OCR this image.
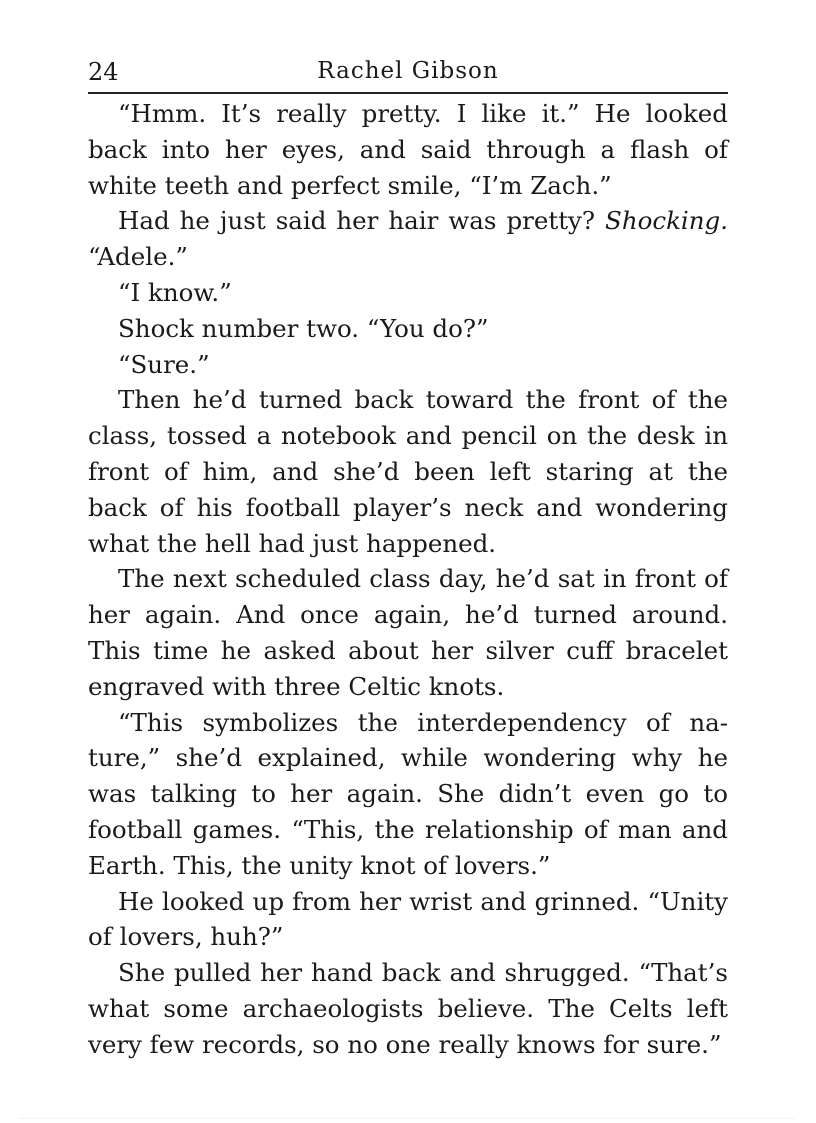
24	Rachel Gibson

“Hmm. It’s really pretty. I like it.” He looked back into her eyes, and said through a flash of white teeth and perfect smile, “I’m Zach.”

Had he just said her hair was pretty? Shocking. “Adele.”

“I know.”

Shock number two. “You do?”

“Sure.”

Then he’d turned back toward the front of the class, tossed a notebook and pencil on the desk in front of him, and she’d been left staring at the back of his football player’s neck and wondering what the hell had just happened.

The next scheduled class day, he’d sat in front of her again. And once again, he’d turned around. This time he asked about her silver cuff bracelet engraved with three Celtic knots.

“This symbolizes the interdependency of nature,” she’d explained, while wondering why he was talking to her again. She didn’t even go to football games. “This, the relationship of man and Earth. This, the unity knot of lovers.”

He looked up from her wrist and grinned. “Unity of lovers, huh?”

She pulled her hand back and shrugged. “That’s what some archaeologists believe. The Celts left very few records, so no one really knows for sure.”
